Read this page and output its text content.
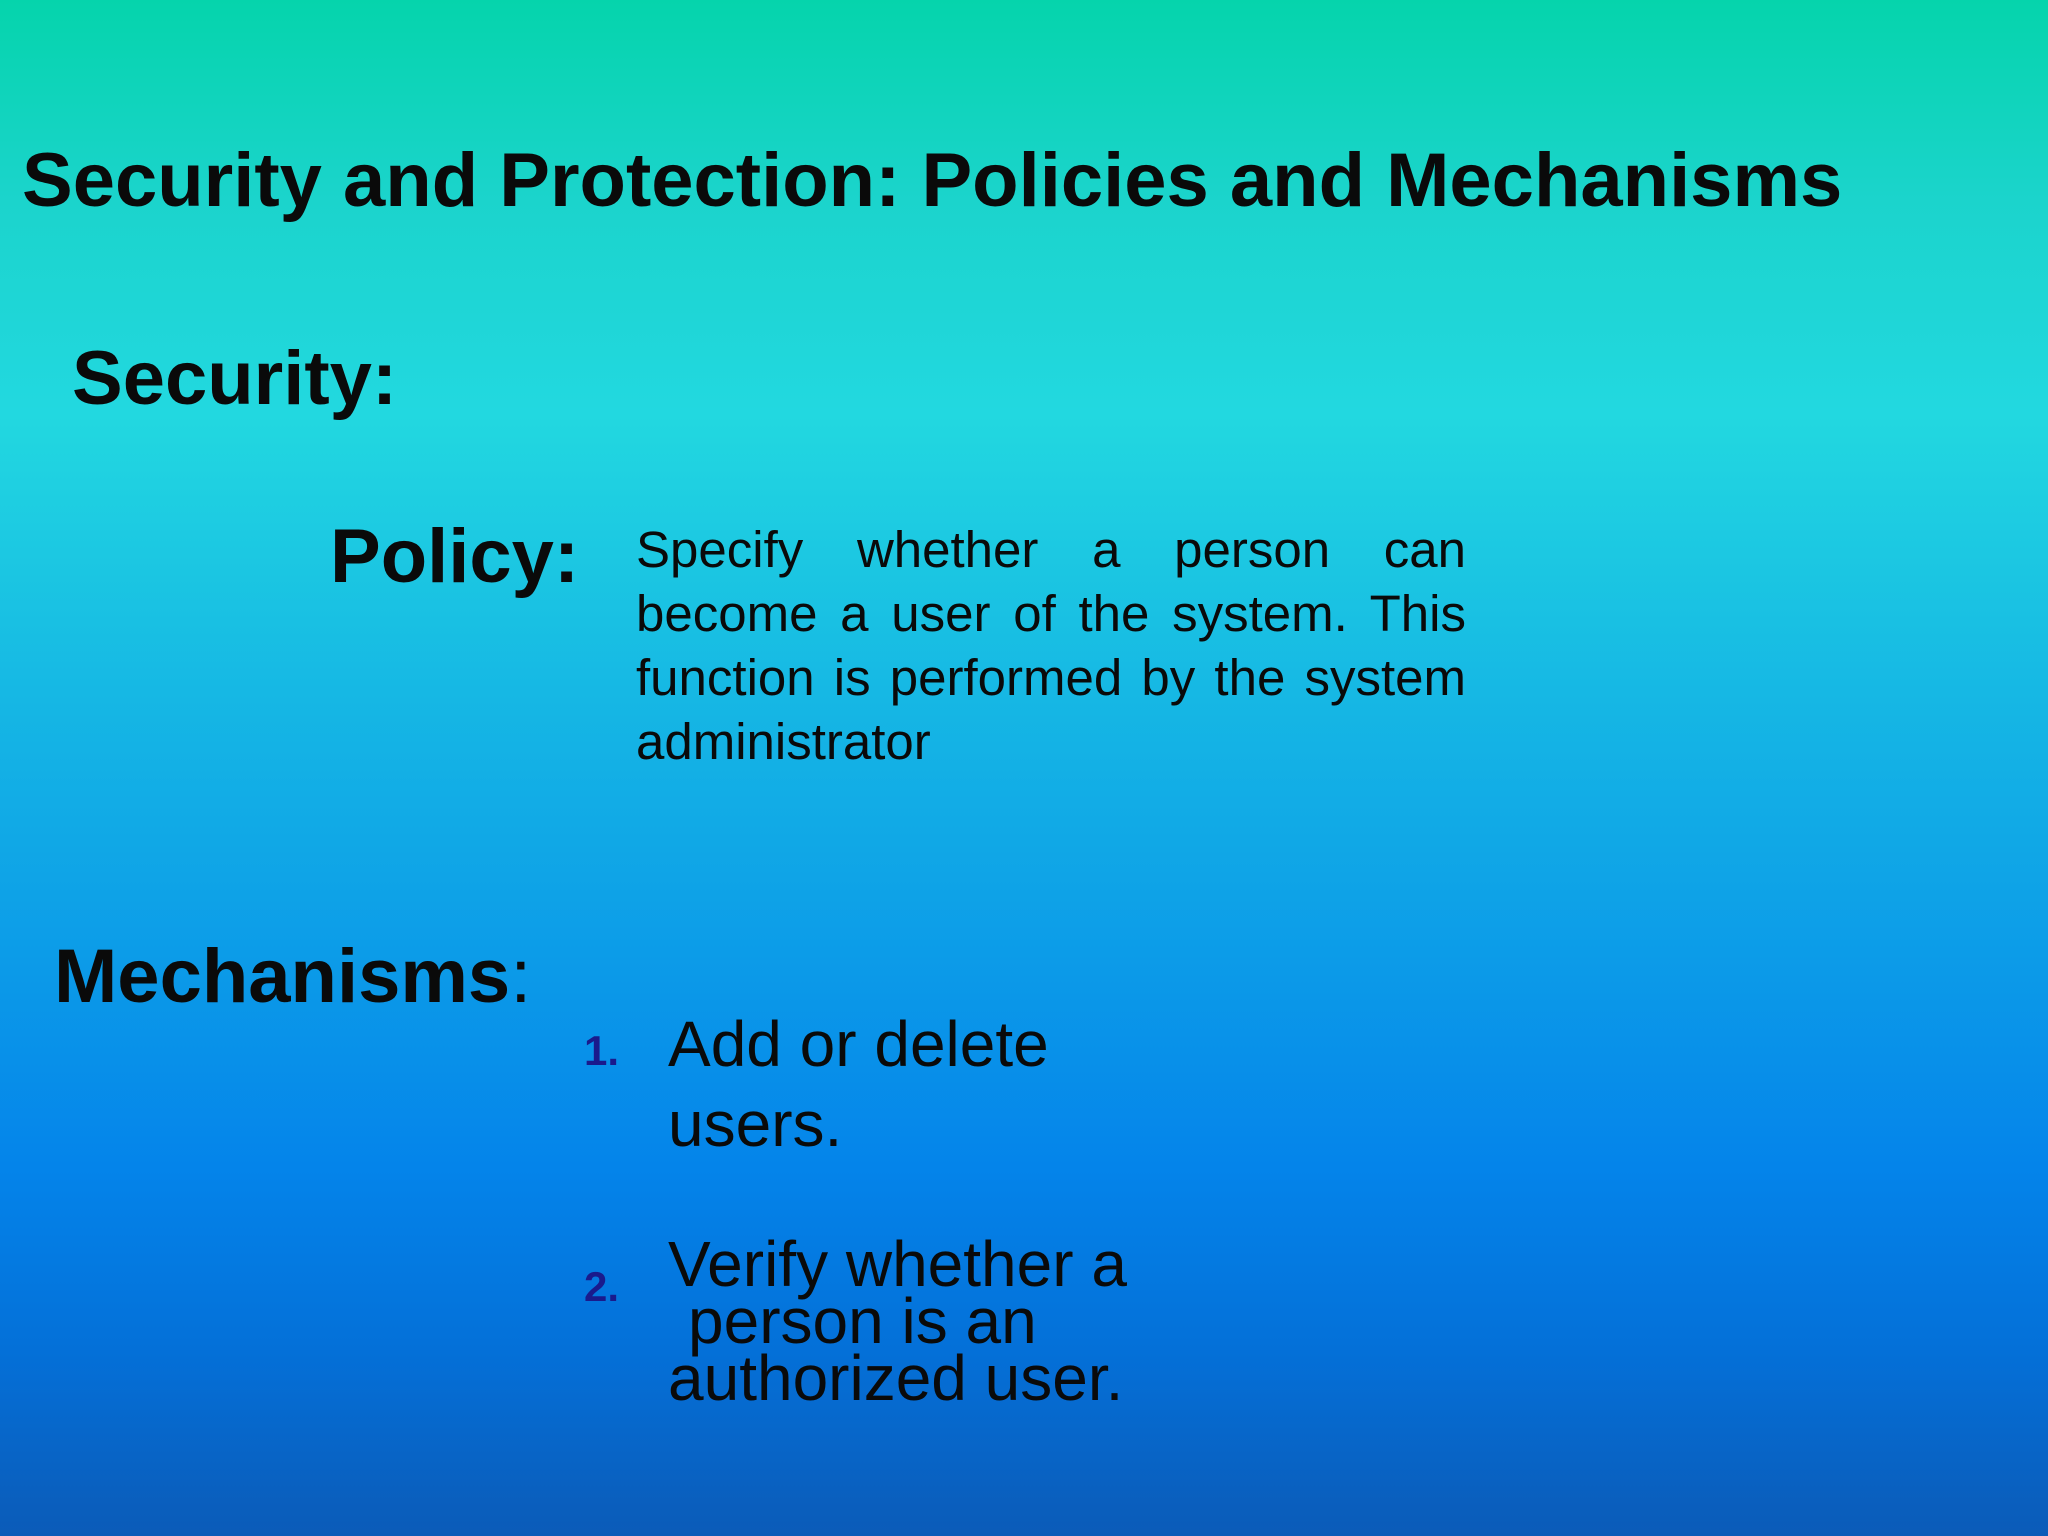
Security and Protection: Policies and Mechanisms
Security:
Policy: Specify whether a person can become a user of the system. This function is performed by the system administrator

Mechanisms:
1. Add or delete
users.
2. Verify whether a
person is an
authorized user.
